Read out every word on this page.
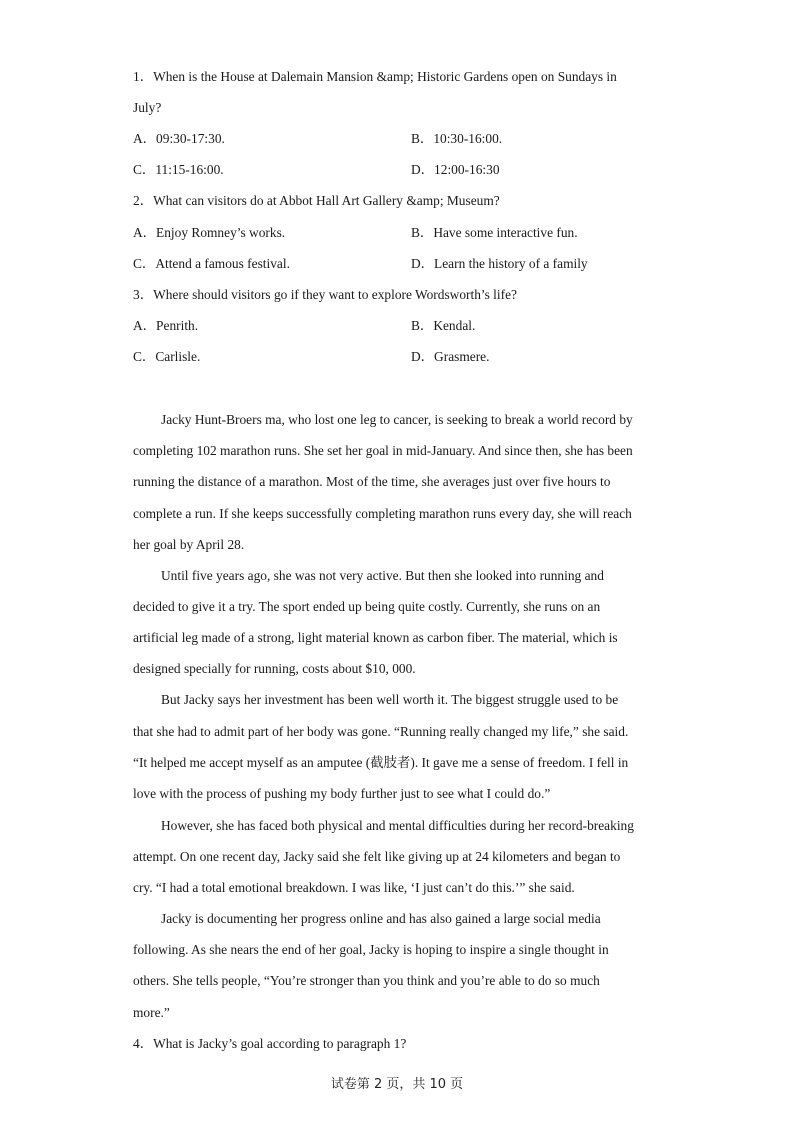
1．When is the House at Dalemain Mansion &amp; Historic Gardens open on Sundays in
July?
A．09:30-17:30.	B．10:30-16:00.
C．11:15-16:00.	D．12:00-16:30
2．What can visitors do at Abbot Hall Art Gallery &amp; Museum?
A．Enjoy Romney’s works.	B．Have some interactive fun.
C．Attend a famous festival.	D．Learn the history of a family
3．Where should visitors go if they want to explore Wordsworth’s life?
A．Penrith.	B．Kendal.
C．Carlisle.	D．Grasmere.
Jacky Hunt-Broers ma, who lost one leg to cancer, is seeking to break a world record by
completing 102 marathon runs. She set her goal in mid-January. And since then, she has been
running the distance of a marathon. Most of the time, she averages just over five hours to
complete a run. If she keeps successfully completing marathon runs every day, she will reach
her goal by April 28.
Until five years ago, she was not very active. But then she looked into running and
decided to give it a try. The sport ended up being quite costly. Currently, she runs on an
artificial leg made of a strong, light material known as carbon fiber. The material, which is
designed specially for running, costs about $10, 000.
But Jacky says her investment has been well worth it. The biggest struggle used to be
that she had to admit part of her body was gone. “Running really changed my life,” she said.
“It helped me accept myself as an amputee (截肢者). It gave me a sense of freedom. I fell in
love with the process of pushing my body further just to see what I could do.”
However, she has faced both physical and mental difficulties during her record-breaking
attempt. On one recent day, Jacky said she felt like giving up at 24 kilometers and began to
cry. “I had a total emotional breakdown. I was like, ‘I just can’t do this.’” she said.
Jacky is documenting her progress online and has also gained a large social media
following. As she nears the end of her goal, Jacky is hoping to inspire a single thought in
others. She tells people, “You’re stronger than you think and you’re able to do so much
more.”
4．What is Jacky’s goal according to paragraph 1?
试卷第 2 页，共 10 页
